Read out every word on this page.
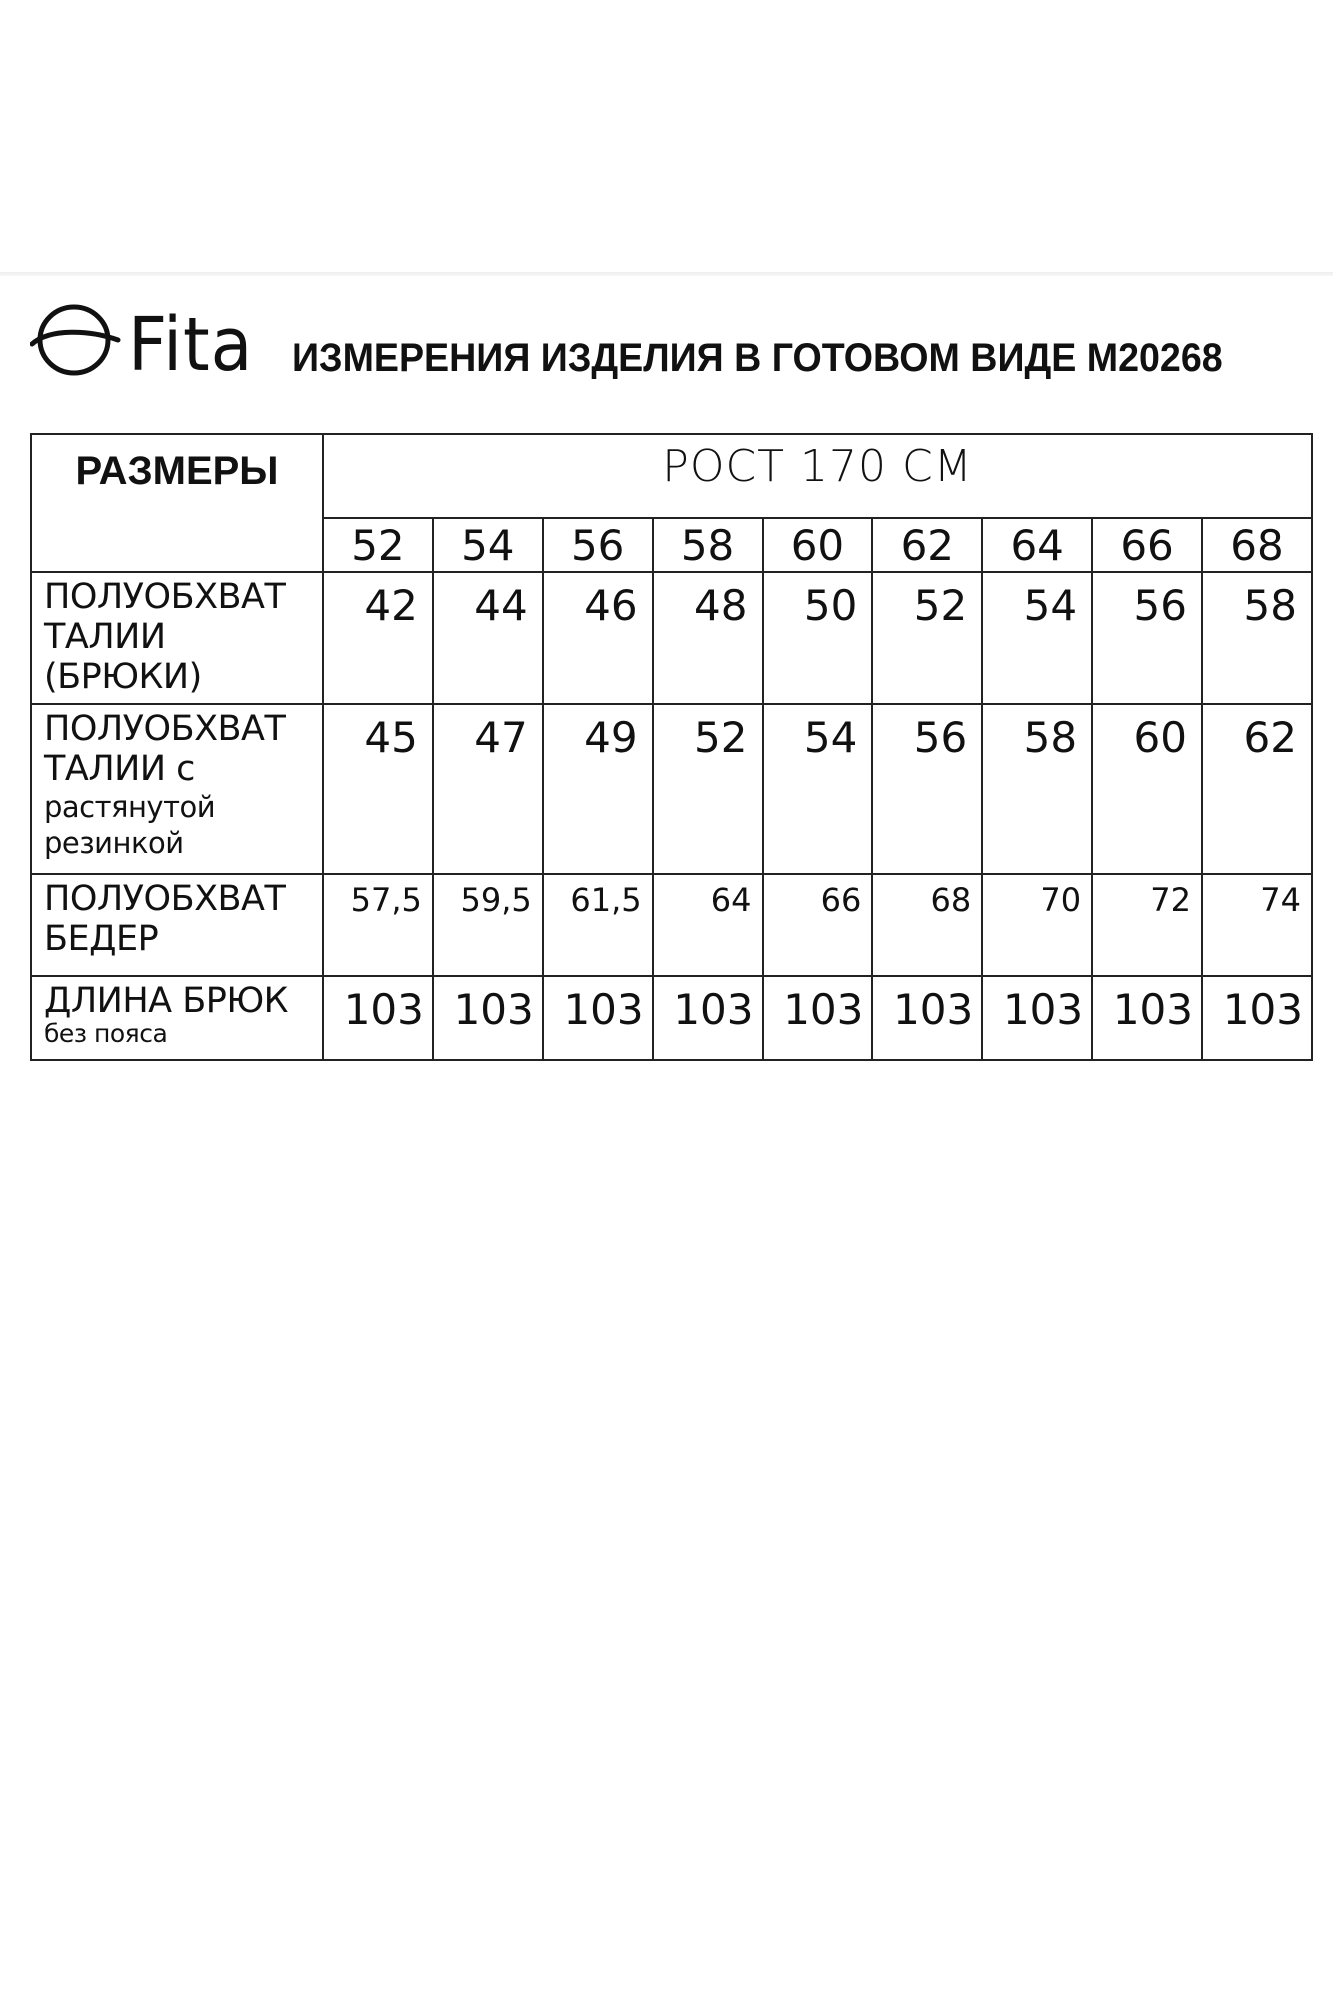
Fita ИЗМЕРЕНИЯ ИЗДЕЛИЯ В ГОТОВОМ ВИДЕ М20268
РАЗМЕРЫ	РОСТ 170 СМ								
	52	54	56	58	60	62	64	66	68

ПОЛУОБХВАТ
ТАЛИИ
(БРЮКИ)	42	44	46	48	50	52	54	56	58

ПОЛУОБХВАТ
ТАЛИИ с
растянутой
резинкой	45	47	49	52	54	56	58	60	62

ПОЛУОБХВАТ
БЕДЕР	57,5	59,5	61,5	64	66	68	70	72	74

ДЛИНА БРЮК
без пояса	103	103	103	103	103	103	103	103	103
